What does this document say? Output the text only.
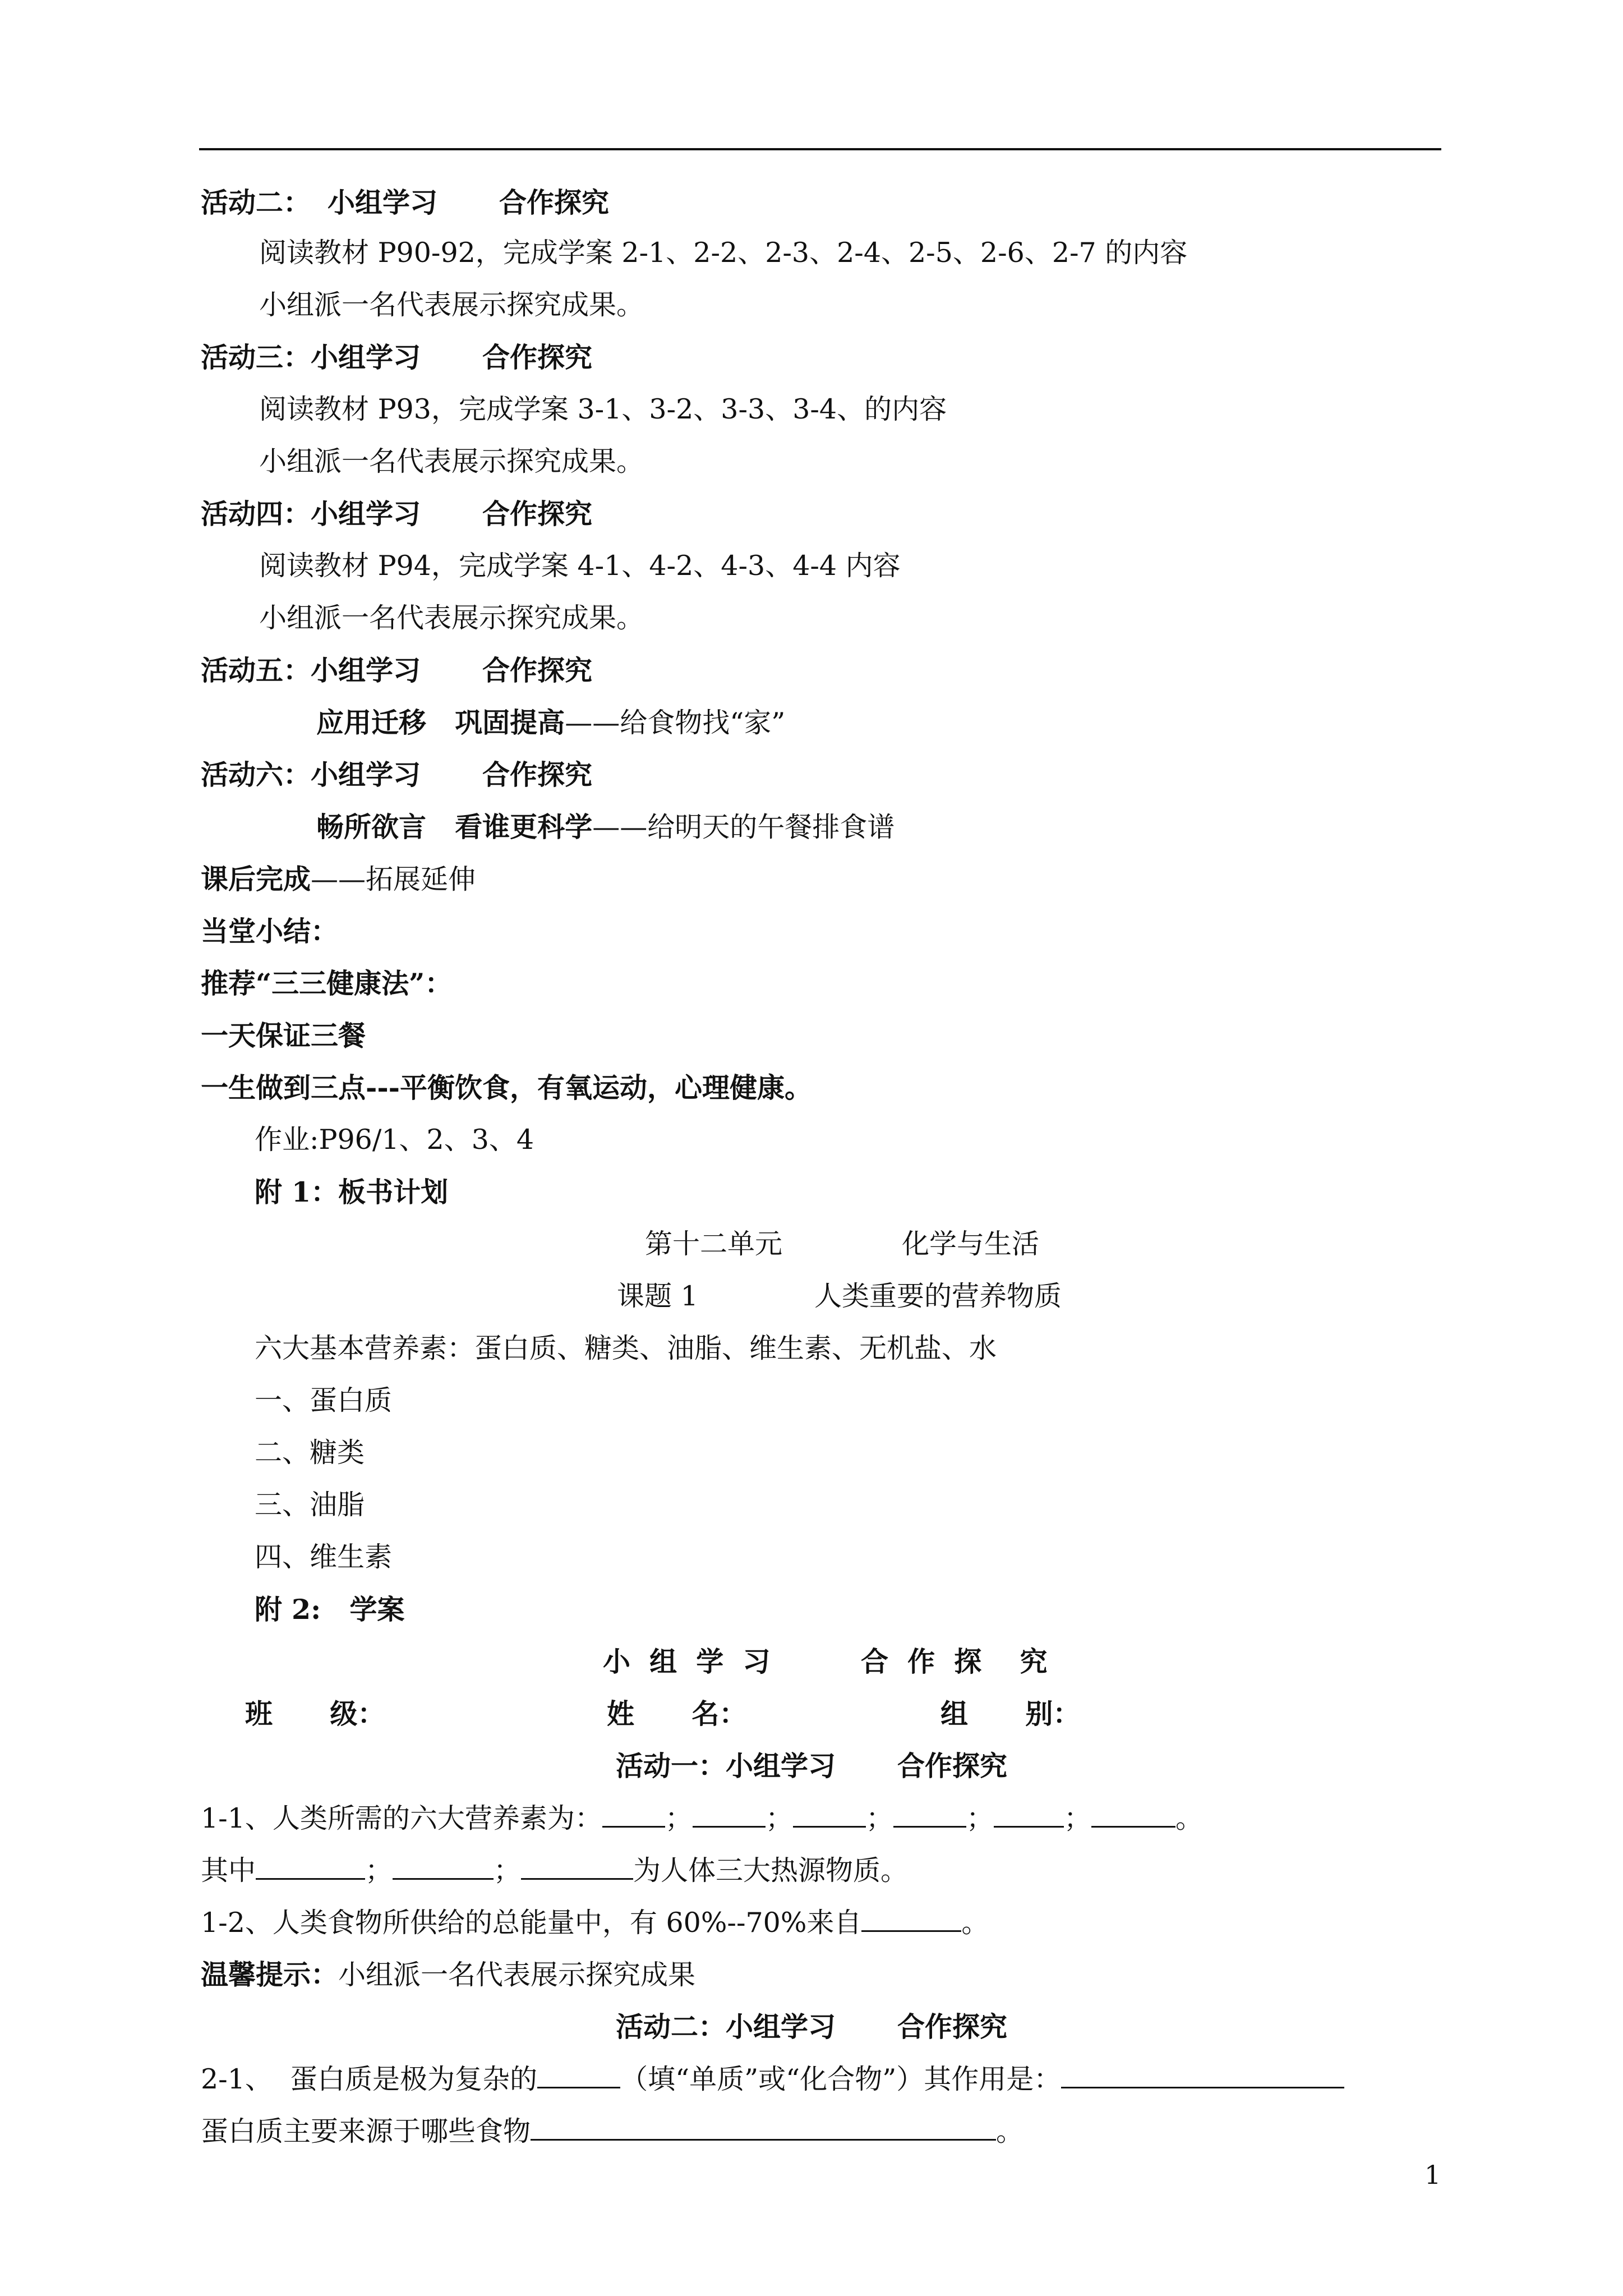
活动二： 小组学习 合作探究
阅读教材 P90-92，完成学案 2-1、2-2、2-3、2-4、2-5、2-6、2-7 的内容
小组派一名代表展示探究成果。
活动三：小组学习 合作探究
阅读教材 P93，完成学案 3-1、3-2、3-3、3-4、的内容
小组派一名代表展示探究成果。
活动四：小组学习 合作探究
阅读教材 P94，完成学案 4-1、4-2、4-3、4-4 内容
小组派一名代表展示探究成果。
活动五：小组学习 合作探究
应用迁移   巩固提高——给食物找“家”
活动六：小组学习 合作探究
畅所欲言   看谁更科学——给明天的午餐排食谱
课后完成——拓展延伸
当堂小结：
推荐“三三健康法”：
一天保证三餐
一生做到三点---平衡饮食，有氧运动，心理健康。
作业:P96/1、2、3、4
附 1：板书计划
第十二单元	化学与生活
课题 1	人类重要的营养物质
六大基本营养素：蛋白质、糖类、油脂、维生素、无机盐、水
一、蛋白质
二、糖类
三、油脂
四、维生素
附 2:   学案
小  组  学  习	合  作  探    究
班      级：	姓      名：	组      别：
活动一：小组学习 合作探究
1-1、人类所需的六大营养素为： ；	；	；	；	；	。
其中	；	；	为人体三大热源物质。
1-2、人类食物所供给的总能量中，有 60%--70%来自	。
温馨提示：小组派一名代表展示探究成果
活动二：小组学习 合作探究
2-1、  蛋白质是极为复杂的	（填“单质”或“化合物”）其作用是：
蛋白质主要来源于哪些食物	。
1
